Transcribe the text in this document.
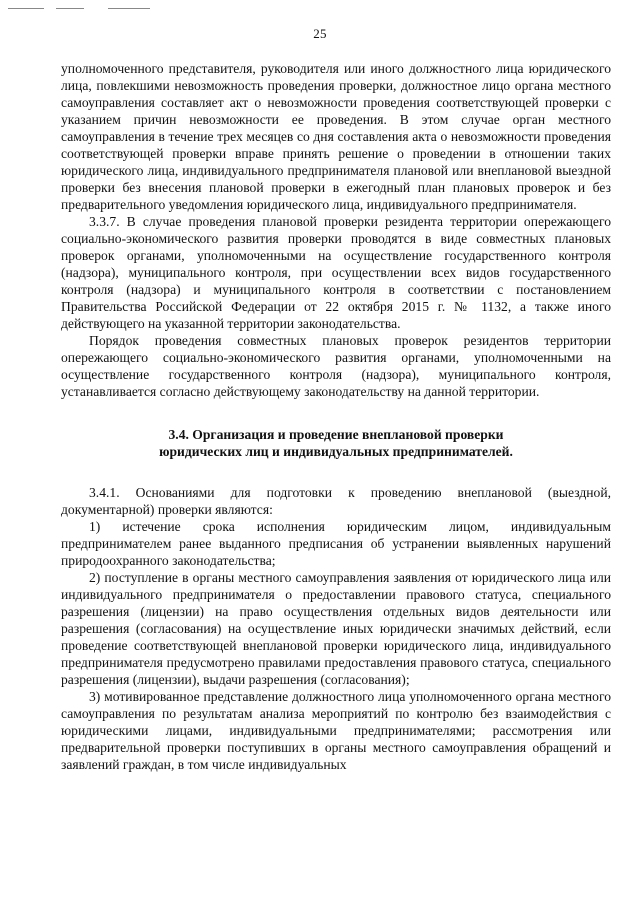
25

уполномоченного представителя, руководителя или иного должностного лица юридического лица, повлекшими невозможность проведения проверки, должностное лицо органа местного самоуправления составляет акт о невозможности проведения соответствующей проверки с указанием причин невозможности ее проведения. В этом случае орган местного самоуправления в течение трех месяцев со дня составления акта о невозможности проведения соответствующей проверки вправе принять решение о проведении в отношении таких юридического лица, индивидуального предпринимателя плановой или внеплановой выездной проверки без внесения плановой проверки в ежегодный план плановых проверок и без предварительного уведомления юридического лица, индивидуального предпринимателя.

3.3.7. В случае проведения плановой проверки резидента территории опережающего социально-экономического развития проверки проводятся в виде совместных плановых проверок органами, уполномоченными на осуществление государственного контроля (надзора), муниципального контроля, при осуществлении всех видов государственного контроля (надзора) и муниципального контроля в соответствии с постановлением Правительства Российской Федерации от 22 октября 2015 г. № 1132, а также иного действующего на указанной территории законодательства.

Порядок проведения совместных плановых проверок резидентов территории опережающего социально-экономического развития органами, уполномоченными на осуществление государственного контроля (надзора), муниципального контроля, устанавливается согласно действующему законодательству на данной территории.

3.4. Организация и проведение внеплановой проверки
юридических лиц и индивидуальных предпринимателей.

3.4.1. Основаниями для подготовки к проведению внеплановой (выездной, документарной) проверки являются:

1) истечение срока исполнения юридическим лицом, индивидуальным предпринимателем ранее выданного предписания об устранении выявленных нарушений природоохранного законодательства;

2) поступление в органы местного самоуправления заявления от юридического лица или индивидуального предпринимателя о предоставлении правового статуса, специального разрешения (лицензии) на право осуществления отдельных видов деятельности или разрешения (согласования) на осуществление иных юридически значимых действий, если проведение соответствующей внеплановой проверки юридического лица, индивидуального предпринимателя предусмотрено правилами предоставления правового статуса, специального разрешения (лицензии), выдачи разрешения (согласования);

3) мотивированное представление должностного лица уполномоченного органа местного самоуправления по результатам анализа мероприятий по контролю без взаимодействия с юридическими лицами, индивидуальными предпринимателями; рассмотрения или предварительной проверки поступивших в органы местного самоуправления обращений и заявлений граждан, в том числе индивидуальных
